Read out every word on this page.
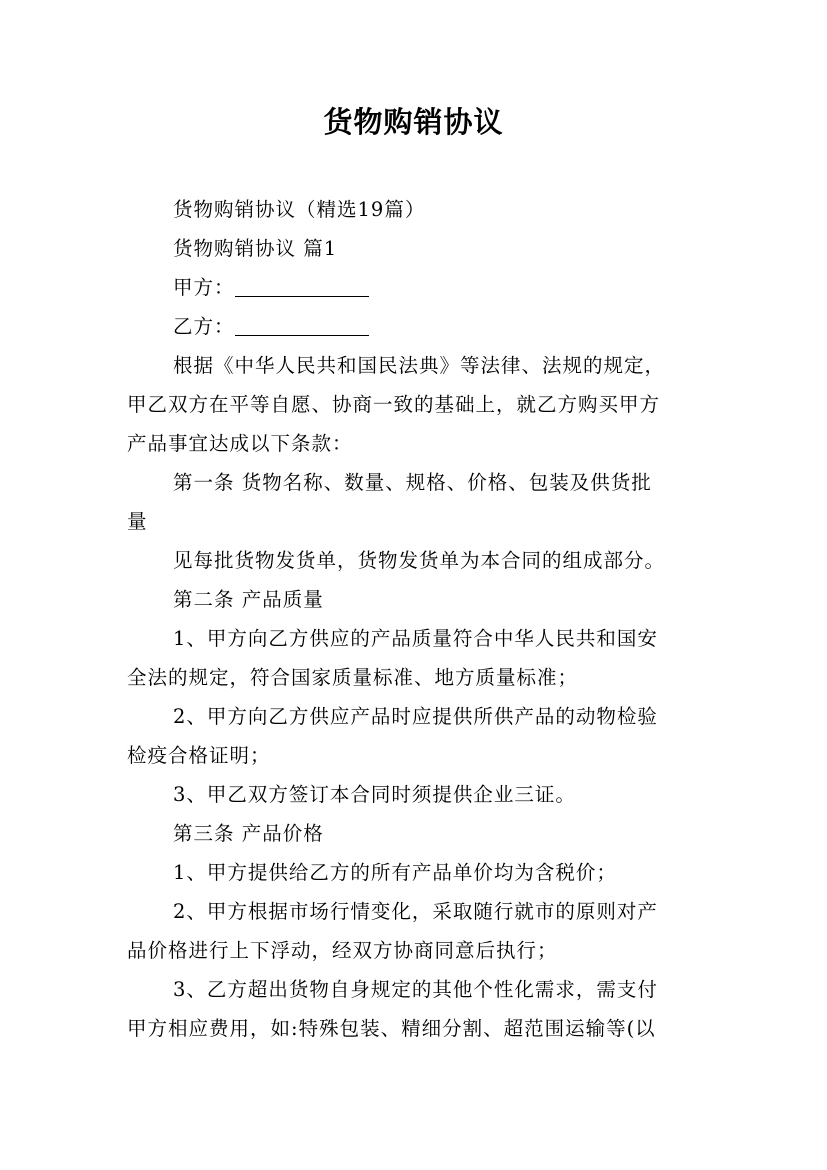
货物购销协议
货物购销协议（精选19篇）
货物购销协议 篇1
甲方：
乙方：
根据《中华人民共和国民法典》等法律、法规的规定，
甲乙双方在平等自愿、协商一致的基础上，就乙方购买甲方
产品事宜达成以下条款：
第一条 货物名称、数量、规格、价格、包装及供货批
量
见每批货物发货单，货物发货单为本合同的组成部分。
第二条 产品质量
1、甲方向乙方供应的产品质量符合中华人民共和国安
全法的规定，符合国家质量标准、地方质量标准；
2、甲方向乙方供应产品时应提供所供产品的动物检验
检疫合格证明；
3、甲乙双方签订本合同时须提供企业三证。
第三条 产品价格
1、甲方提供给乙方的所有产品单价均为含税价；
2、甲方根据市场行情变化，采取随行就市的原则对产
品价格进行上下浮动，经双方协商同意后执行；
3、乙方超出货物自身规定的其他个性化需求，需支付
甲方相应费用，如:特殊包装、精细分割、超范围运输等(以
